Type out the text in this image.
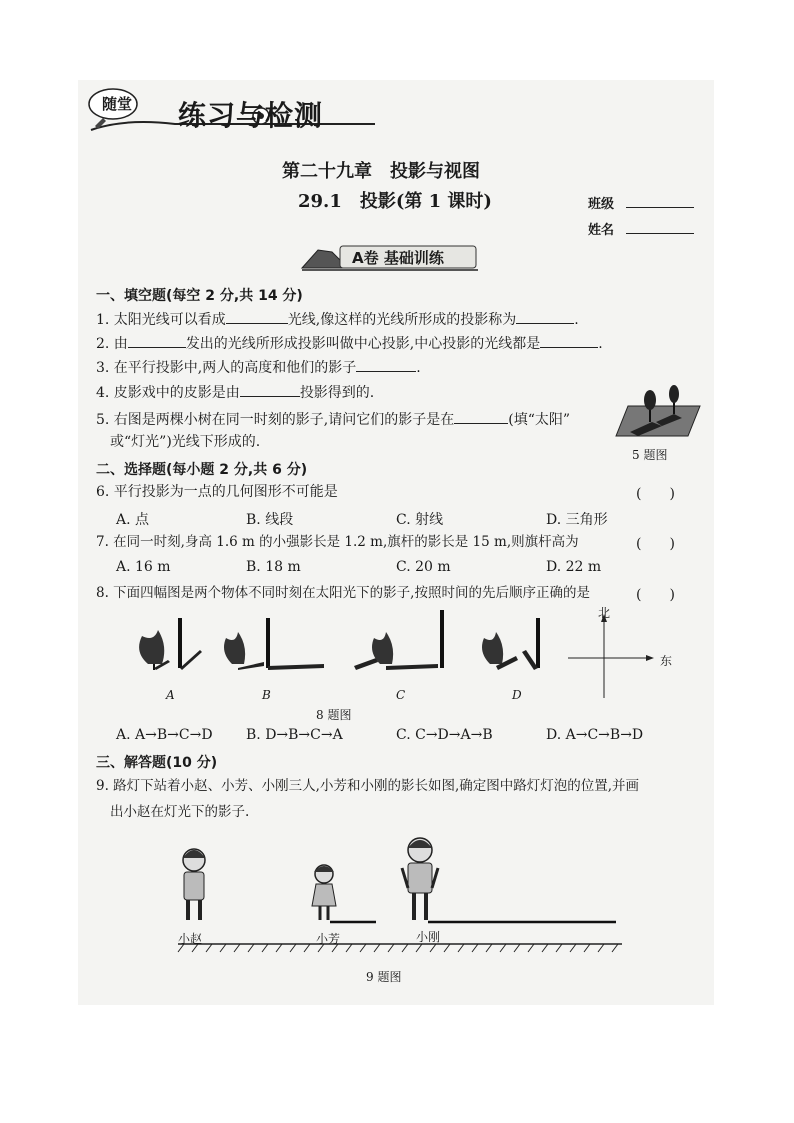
随堂 练习与检测
第二十九章　投影与视图
29.1　投影(第 1 课时)	班级
姓名
A卷 基础训练
一、填空题(每空 2 分,共 14 分)
1. 太阳光线可以看成	光线,像这样的光线所形成的投影称为	.
2. 由	发出的光线所形成投影叫做中心投影,中心投影的光线都是	.
3. 在平行投影中,两人的高度和他们的影子	.
4. 皮影戏中的皮影是由	投影得到的.
5. 右图是两棵小树在同一时刻的影子,请问它们的影子是在	(填“太阳”
或“灯光”)光线下形成的.
5 题图
二、选择题(每小题 2 分,共 6 分)
6. 平行投影为一点的几何图形不可能是	(　　)
A. 点	B. 线段	C. 射线	D. 三角形
7. 在同一时刻,身高 1.6 m 的小强影长是 1.2 m,旗杆的影长是 15 m,则旗杆高为	(　　)
A. 16 m	B. 18 m	C. 20 m	D. 22 m
8. 下面四幅图是两个物体不同时刻在太阳光下的影子,按照时间的先后顺序正确的是	(　　)
北
东
A	B	C	D
8 题图
A. A→B→C→D B. D→B→C→A	C. C→D→A→B	D. A→C→B→D
三、解答题(10 分)
9. 路灯下站着小赵、小芳、小刚三人,小芳和小刚的影长如图,确定图中路灯灯泡的位置,并画
出小赵在灯光下的影子.
小赵	小芳	小刚
9 题图
